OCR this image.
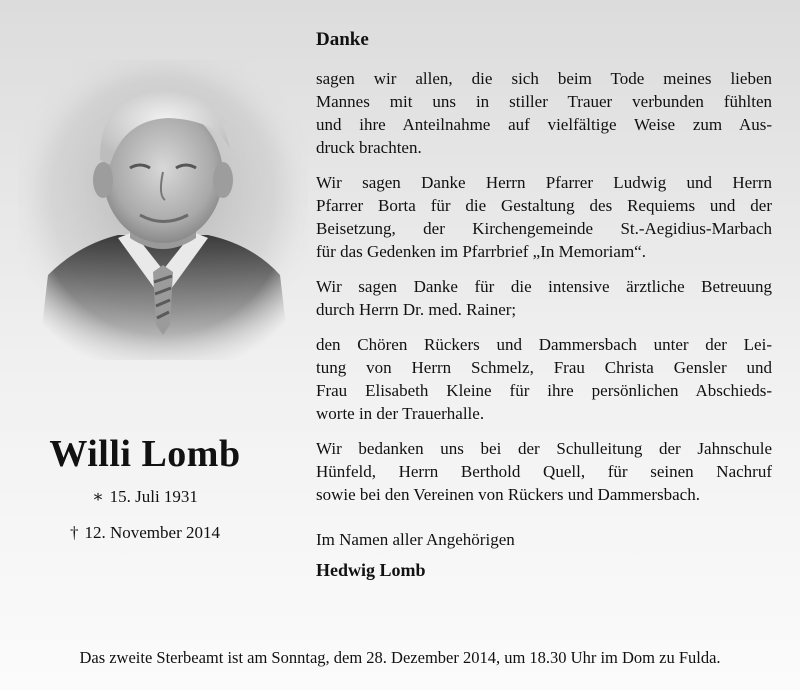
Willi Lomb
∗ 15. Juli 1931
† 12. November 2014
Danke
sagen wir allen, die sich beim Tode meines lieben
Mannes mit uns in stiller Trauer verbunden fühlten
und ihre Anteilnahme auf vielfältige Weise zum Aus-
druck brachten.
Wir sagen Danke Herrn Pfarrer Ludwig und Herrn
Pfarrer Borta für die Gestaltung des Requiems und der
Beisetzung, der Kirchengemeinde St.-Aegidius-Marbach
für das Gedenken im Pfarrbrief „In Memoriam“.
Wir sagen Danke für die intensive ärztliche Betreuung
durch Herrn Dr. med. Rainer;
den Chören Rückers und Dammersbach unter der Lei-
tung von Herrn Schmelz, Frau Christa Gensler und
Frau Elisabeth Kleine für ihre persönlichen Abschieds-
worte in der Trauerhalle.
Wir bedanken uns bei der Schulleitung der Jahnschule
Hünfeld, Herrn Berthold Quell, für seinen Nachruf
sowie bei den Vereinen von Rückers und Dammersbach.
Im Namen aller Angehörigen
Hedwig Lomb
Das zweite Sterbeamt ist am Sonntag, dem 28. Dezember 2014, um 18.30 Uhr im Dom zu Fulda.
